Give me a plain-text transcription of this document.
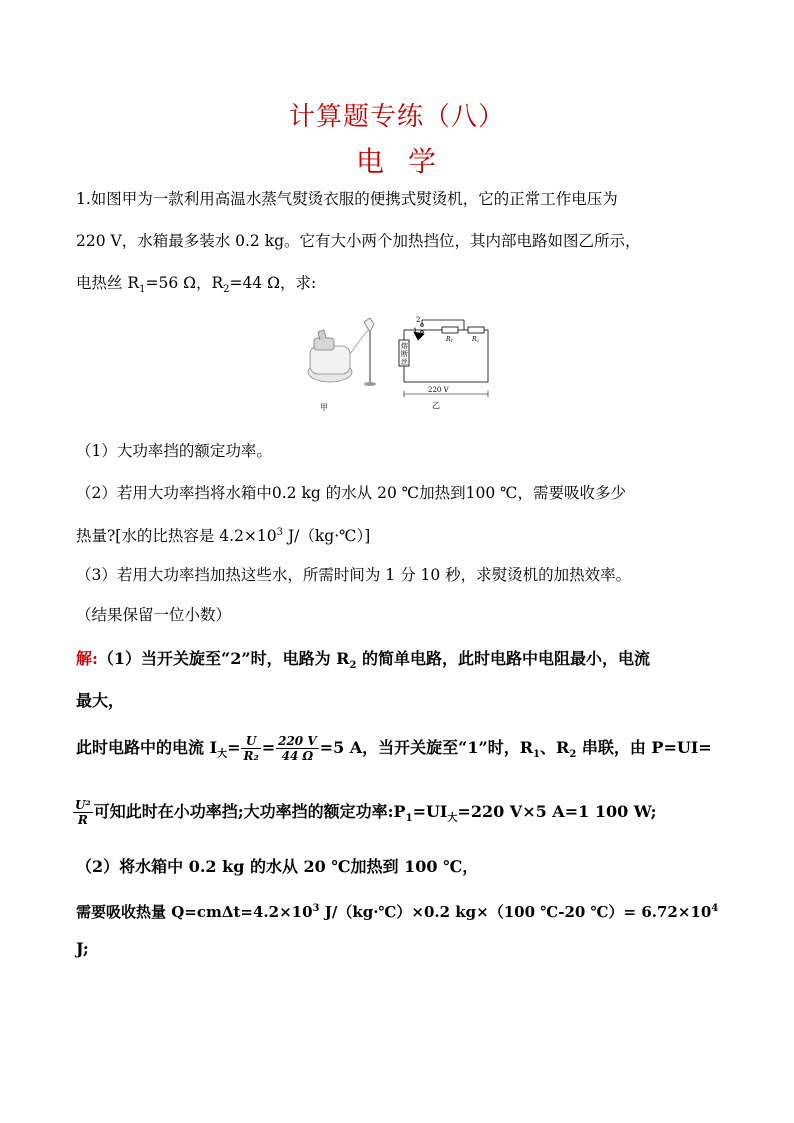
计算题专练（八）
电 学
1.如图甲为一款利用高温水蒸气熨烫衣服的便携式熨烫机，它的正常工作电压为
220 V，水箱最多装水 0.2 kg。它有大小两个加热挡位，其内部电路如图乙所示，
电热丝 $R_1=56$ Ω，$R_2=44$ Ω，求:
甲
熔
断
丝
2
1
R1	R2
220 V
乙
（1）大功率挡的额定功率。
（2）若用大功率挡将水箱中0.2 kg 的水从 20 ℃加热到100 ℃，需要吸收多少
热量?[水的比热容是 $4.2\times 10^3$ J/（kg·℃）]
（3）若用大功率挡加热这些水，所需时间为 1 分 10 秒，求熨烫机的加热效率。
（结果保留一位小数）
解:（1）当开关旋至“2”时，电路为 $R_2$ 的简单电路，此时电路中电阻最小，电流
最大，
此时电路中的电流 $I_大= \frac{U}{\text{R₂}} = \frac{220 V}{44 \Omega} =5$ A，当开关旋至“1”时，$R_1$、$R_2$ 串联，由 P=UI=
$\frac{\text{U²}}{R}$ 可知此时在小功率挡;大功率挡的额定功率$:P_1=UI_大=220$ V×5 A=1 100 W;
（2）将水箱中 0.2 kg 的水从 20 ℃加热到 100 ℃，
需要吸收热量 $Q=cm\Delta t=4.2\times 10^3$ J/（kg·℃）×0.2 kg×（100 ℃-20 ℃）= $6.72\times 10^4$
J;
